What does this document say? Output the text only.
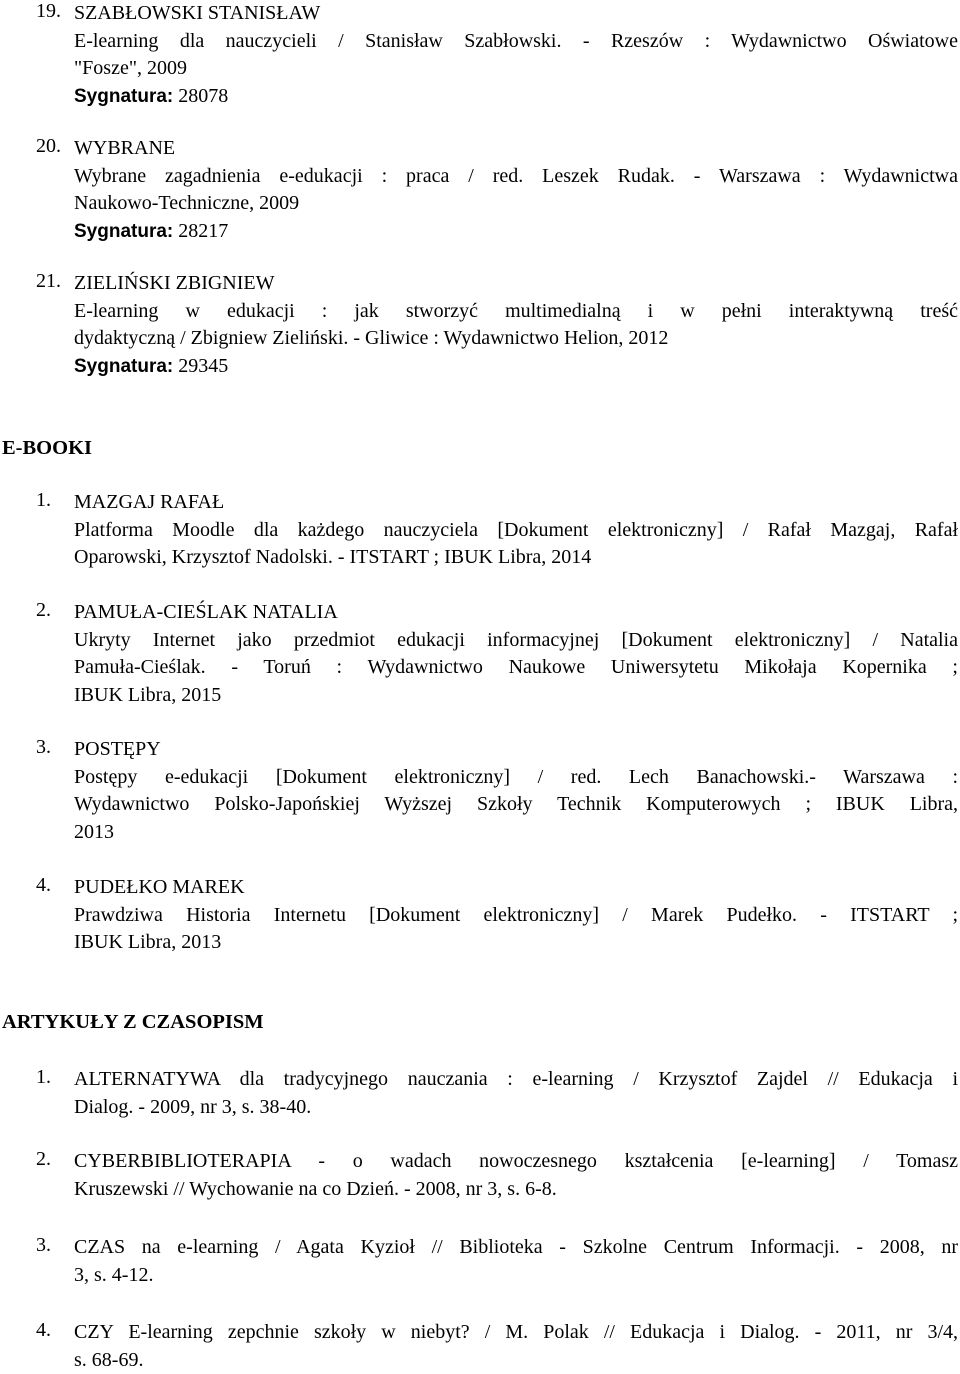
19. SZABŁOWSKI STANISŁAW
E-learning dla nauczycieli / Stanisław Szabłowski. - Rzeszów : Wydawnictwo Oświatowe
"Fosze", 2009
Sygnatura: 28078
20. WYBRANE
Wybrane zagadnienia e-edukacji : praca / red. Leszek Rudak. - Warszawa : Wydawnictwa
Naukowo-Techniczne, 2009
Sygnatura: 28217
21. ZIELIŃSKI ZBIGNIEW
E-learning w edukacji : jak stworzyć multimedialną i w pełni interaktywną treść
dydaktyczną / Zbigniew Zieliński. - Gliwice : Wydawnictwo Helion, 2012
Sygnatura: 29345
E-BOOKI
1.	MAZGAJ RAFAŁ
Platforma Moodle dla każdego nauczyciela [Dokument elektroniczny] / Rafał Mazgaj, Rafał
Oparowski, Krzysztof Nadolski. - ITSTART ; IBUK Libra, 2014
2.	PAMUŁA-CIEŚLAK NATALIA
Ukryty Internet jako przedmiot edukacji informacyjnej [Dokument elektroniczny] / Natalia
Pamuła-Cieślak. - Toruń : Wydawnictwo Naukowe Uniwersytetu Mikołaja Kopernika ;
IBUK Libra, 2015
3.	POSTĘPY
Postępy e-edukacji [Dokument elektroniczny] / red. Lech Banachowski.- Warszawa :
Wydawnictwo Polsko-Japońskiej Wyższej Szkoły Technik Komputerowych ; IBUK Libra,
2013
4.	PUDEŁKO MAREK
Prawdziwa Historia Internetu [Dokument elektroniczny] / Marek Pudełko. - ITSTART ;
IBUK Libra, 2013
ARTYKUŁY Z CZASOPISM
1.	ALTERNATYWA dla tradycyjnego nauczania : e-learning / Krzysztof Zajdel // Edukacja i
Dialog. - 2009, nr 3, s. 38-40.
2.	CYBERBIBLIOTERAPIA - o wadach nowoczesnego kształcenia [e-learning] / Tomasz
Kruszewski // Wychowanie na co Dzień. - 2008, nr 3, s. 6-8.
3.	CZAS na e-learning / Agata Kyzioł // Biblioteka - Szkolne Centrum Informacji. - 2008, nr
3, s. 4-12.
4.	CZY E-learning zepchnie szkoły w niebyt? / M. Polak // Edukacja i Dialog. - 2011, nr 3/4,
s. 68-69.
